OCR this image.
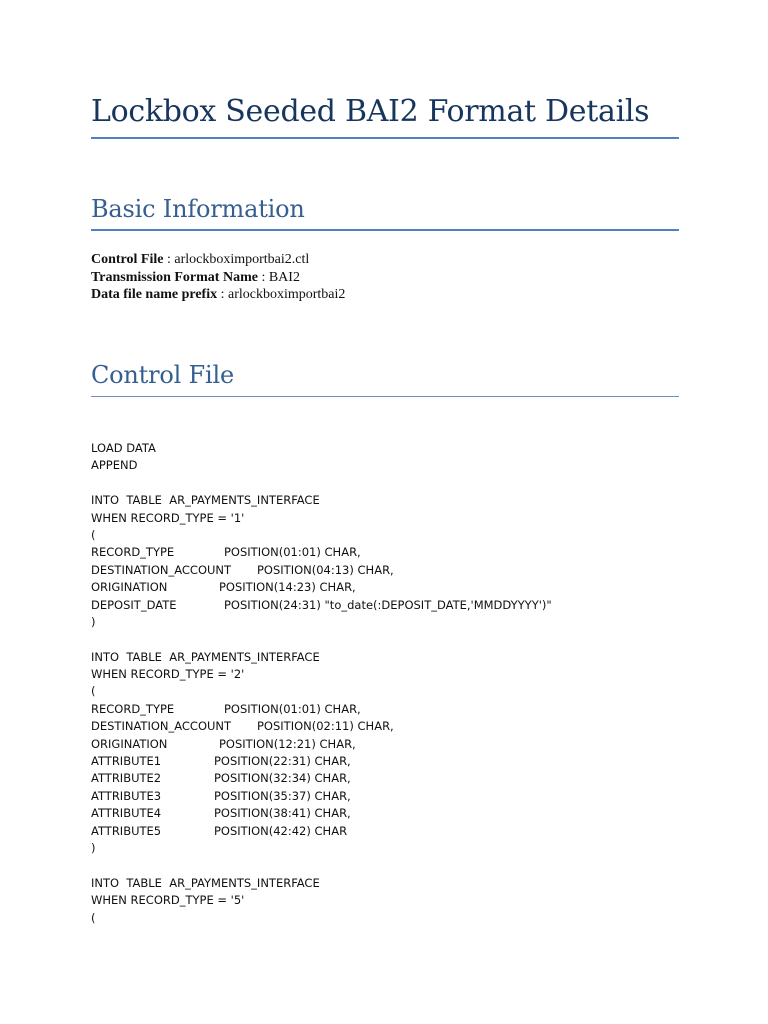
Lockbox Seeded BAI2 Format Details
Basic Information
Control File : arlockboximportbai2.ctl
Transmission Format Name : BAI2
Data file name prefix : arlockboximportbai2
Control File
LOAD DATA
APPEND
INTO  TABLE  AR_PAYMENTS_INTERFACE
WHEN RECORD_TYPE = '1'
(
RECORD_TYPE	POSITION(01:01) CHAR,
DESTINATION_ACCOUNT POSITION(04:13) CHAR,
ORIGINATION	POSITION(14:23) CHAR,
DEPOSIT_DATE	POSITION(24:31) "to_date(:DEPOSIT_DATE,'MMDDYYYY')"
)
INTO  TABLE  AR_PAYMENTS_INTERFACE
WHEN RECORD_TYPE = '2'
(
RECORD_TYPE	POSITION(01:01) CHAR,
DESTINATION_ACCOUNT POSITION(02:11) CHAR,
ORIGINATION	POSITION(12:21) CHAR,
ATTRIBUTE1	POSITION(22:31) CHAR,
ATTRIBUTE2	POSITION(32:34) CHAR,
ATTRIBUTE3	POSITION(35:37) CHAR,
ATTRIBUTE4	POSITION(38:41) CHAR,
ATTRIBUTE5	POSITION(42:42) CHAR
)
INTO  TABLE  AR_PAYMENTS_INTERFACE
WHEN RECORD_TYPE = '5'
(
